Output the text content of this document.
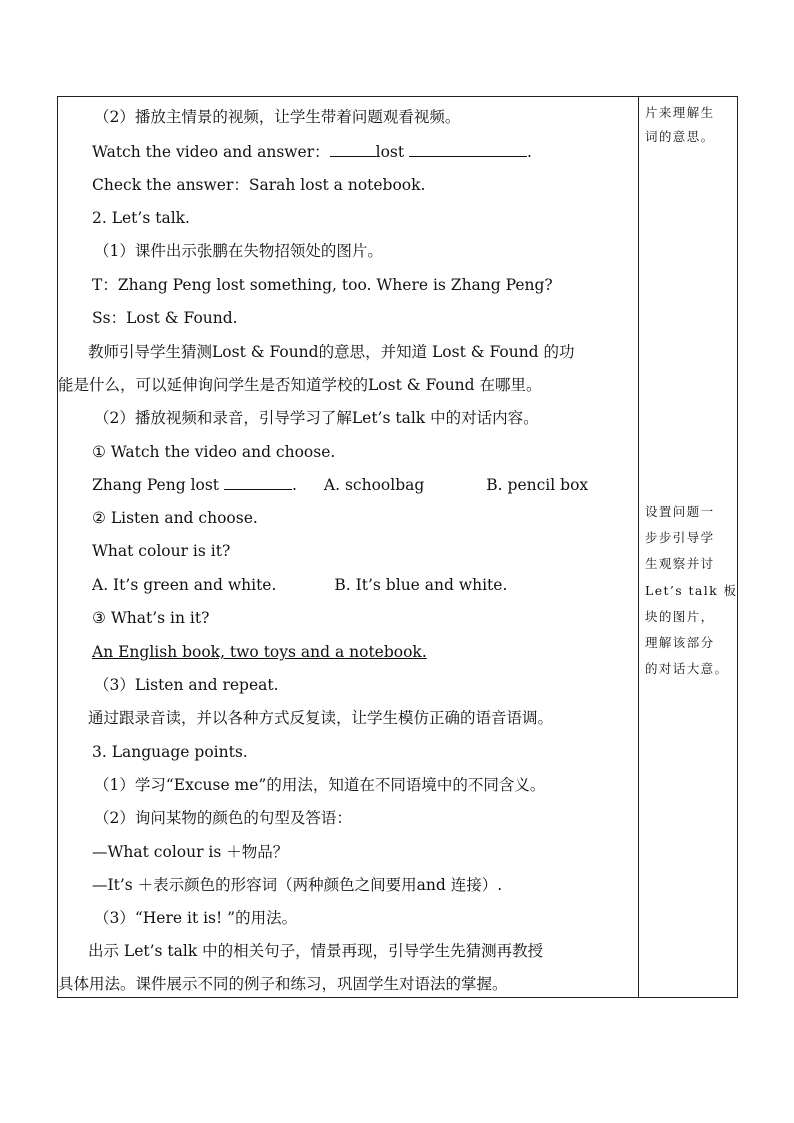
（2）播放主情景的视频，让学生带着问题观看视频。
Watch the video and answer：	lost	.
Check the answer：Sarah lost a notebook.
2. Let’s talk.
（1）课件出示张鹏在失物招领处的图片。
T：Zhang Peng lost something, too. Where is Zhang Peng?
Ss：Lost & Found.
教师引导学生猜测Lost & Found的意思，并知道 Lost & Found 的功
能是什么，可以延伸询问学生是否知道学校的Lost & Found 在哪里。
（2）播放视频和录音，引导学习了解Let’s talk 中的对话内容。
① Watch the video and choose.
Zhang Peng lost	. A. schoolbag	B. pencil box
② Listen and choose.
What colour is it?
A. It’s green and white.	B. It’s blue and white.
③ What’s in it?
An English book, two toys and a notebook.
（3）Listen and repeat.
通过跟录音读，并以各种方式反复读，让学生模仿正确的语音语调。
3. Language points.
（1）学习“Excuse me”的用法，知道在不同语境中的不同含义。
（2）询问某物的颜色的句型及答语：
—What colour is ＋物品？
—It’s ＋表示颜色的形容词（两种颜色之间要用and 连接）.
（3）“Here it is! ”的用法。
出示 Let’s talk 中的相关句子，情景再现，引导学生先猜测再教授
具体用法。课件展示不同的例子和练习，巩固学生对语法的掌握。
片来理解生
词的意思。
设置问题一
步步引导学
生观察并讨
Let’s talk 板
块的图片，
理解该部分
的对话大意。
